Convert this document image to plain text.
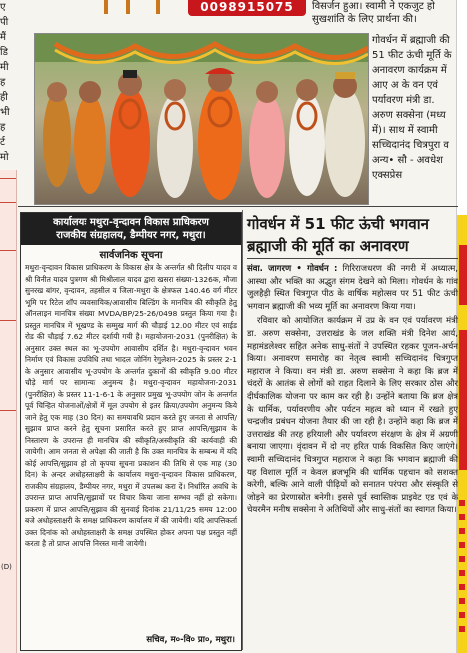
ए
पी
मैं
डि
मी
ह
ही
भी
ह
र्ट
मो
(D)
0098915075	विसर्जन हुआ। स्वामी ने एकजुट हो
सुखशांति के लिए प्रार्थना की।
गोवर्धन में ब्रह्माजी की 51 फीट ऊंची मूर्ति के अनावरण कार्यक्रम में आए अ के वन एवं पर्यावरण मंत्री डा. अरुण सक्सेना (मध्य में)। साथ में स्वामी सच्चिदानंद चित्रपुरा व अन्य• सौ - अवधेश एक्सप्रेस
कार्यालयः मथुरा-वृन्दावन विकास प्राधिकरण
राजकीय संग्रहालय, डैम्पीयर नगर, मथुरा।
सार्वजनिक सूचना
मथुरा-वृन्दावन विकास प्राधिकरण के विकास क्षेत्र के अन्तर्गत श्री दिलीप यादव व श्री विनीत यादव पुत्रगण श्री मिश्रीलाल यादव द्वारा खसरा संख्या-1326क, मौजा सुनरख बांगर, वृन्दावन, तहसील व जिला-मथुरा के क्षेत्रफल 140.46 वर्ग मीटर भूमि पर रिटेल शॉप व्यवसायिक/आवासीय बिल्डिंग के मानचित्र की स्वीकृति हेतु ऑनलाइन मानचित्र संख्या MVDA/BP/25-26/0498 प्रस्तुत किया गया है। प्रस्तुत मानचित्र में भूखण्ड के सम्मुख मार्ग की चौड़ाई 12.00 मीटर एवं साईड रोड की चौड़ाई 7.62 मीटर दर्शायी गयी है। महायोजना-2031 (पुनरीक्षित) के अनुसार उक्त स्थल का भू-उपयोग आवासीय दर्शित है। मथुरा-वृन्दावन भवन निर्माण एवं विकास उपविधि तथा भादल जोनिंग रेगुलेशन-2025 के प्रस्तर 2-1 के अनुसार आवासीय भू-उपयोग के अन्तर्गत दुकानों की स्वीकृति 9.00 मीटर चौड़े मार्ग पर सामान्यः अनुमन्य है। मथुरा-वृन्दावन महायोजना-2031 (पुनरीक्षित) के प्रस्तर 11-1-6-1 के अनुसार प्रमुख भू-उपयोग जोन के अन्तर्गत पूर्व चिन्हित योजनाओं/क्षेत्रों में मूल उपयोग से इतर क्रिया/उपयोग अनुमन्य किये जाने हेतु एक माह (30 दिन) का समयावधि प्रदान करते हुए जनता से आपत्ति/सुझाव प्राप्त करने हेतु सूचना प्रसारित करते हुए प्राप्त आपत्ति/सुझाव के निस्तारण के उपरान्त ही मानचित्र की स्वीकृति/अस्वीकृति की कार्यवाही की जायेगी। आम जनता से अपेक्षा की जाती है कि उक्त मानचित्र के सम्बन्ध में यदि कोई आपत्ति/सुझाव हो तो कृपया सूचना प्रकाशन की तिथि से एक माह (30 दिन) के अन्दर अधोहस्ताक्षरी के कार्यालय मथुरा-वृन्दावन विकास प्राधिकरण, राजकीय संग्रहालय, डैम्पीयर नगर, मथुरा में उपलब्ध करा दें। निर्धारित अवधि के उपरान्त प्राप्त आपत्ति/सुझावों पर विचार किया जाना सम्भव नहीं हो सकेगा। प्रकरण में प्राप्त आपत्ति/सुझाव की सुनवाई दिनांक 21/11/25 समय 12:00 बजे अधोहस्ताक्षरी के समक्ष प्राधिकरण कार्यालय में की जायेगी। यदि आपत्तिकर्ता उक्त दिनांक को अधोहस्ताक्षरी के समक्ष उपस्थित होकर अपना पक्ष प्रस्तुत नहीं करता है तो प्राप्त आपत्ति निरस्त मानी जायेगी।
सचिव, म०-वि० प्रा०, मथुरा।
गोवर्धन में 51 फीट ऊंची भगवान ब्रह्माजी की मूर्ति का अनावरण

संवा. जागरण • गोवर्धन : गिरिराजधरण की नगरी में अध्यात्म, आस्था और भक्ति का अद्भुत संगम देखने को मिला। गोवर्धन के गांव जुलहैड़ी स्थित चित्रगुप्त पीठ के वार्षिक महोत्सव पर 51 फीट ऊंची भगवान ब्रह्माजी की भव्य मूर्ति का अनावरण किया गया।

रविवार को आयोजित कार्यक्रम में उप्र के वन एवं पर्यावरण मंत्री डा. अरुण सक्सेना, उत्तराखंड के जल शक्ति मंत्री दिनेश आर्य, महामंडलेश्वर सहित अनेक साधु-संतों ने उपस्थित रहकर पूजन-अर्चन किया। अनावरण समारोह का नेतृत्व स्वामी सच्चिदानंद चित्रगुप्त महाराज ने किया। वन मंत्री डा. अरुण सक्सेना ने कहा कि ब्रज में चंदरों के आतंक से लोगों को राहत दिलाने के लिए सरकार ठोस और दीर्घकालिक योजना पर काम कर रही है। उन्होंने बताया कि ब्रज क्षेत्र के धार्मिक, पर्यावरणीय और पर्यटन महत्व को ध्यान में रखते हुए चन्द्रजीव प्रबंधन योजना तैयार की जा रही है। उन्होंने कहा कि ब्रज में उत्तराखंड की तरह हरियाली और पर्यावरण संरक्षण के क्षेत्र में अग्रणी बनाया जाएगा। वृंदावन में दो नए हरित पार्क विकसित किए जाएंगे। स्वामी सच्चिदानंद चित्रगुप्त महाराज ने कहा कि भगवान ब्रह्माजी की यह विशाल मूर्ति न केवल ब्रजभूमि की धार्मिक पहचान को सशक्त करेगी, बल्कि आने वाली पीढ़ियों को सनातन परंपरा और संस्कृति से जोड़ने का प्रेरणास्रोत बनेगी। इससे पूर्व स्वास्तिक प्राइवेट एड एवं के चेयरमैन मनीष सक्सेना ने अतिथियों और साधु-संतों का स्वागत किया।
